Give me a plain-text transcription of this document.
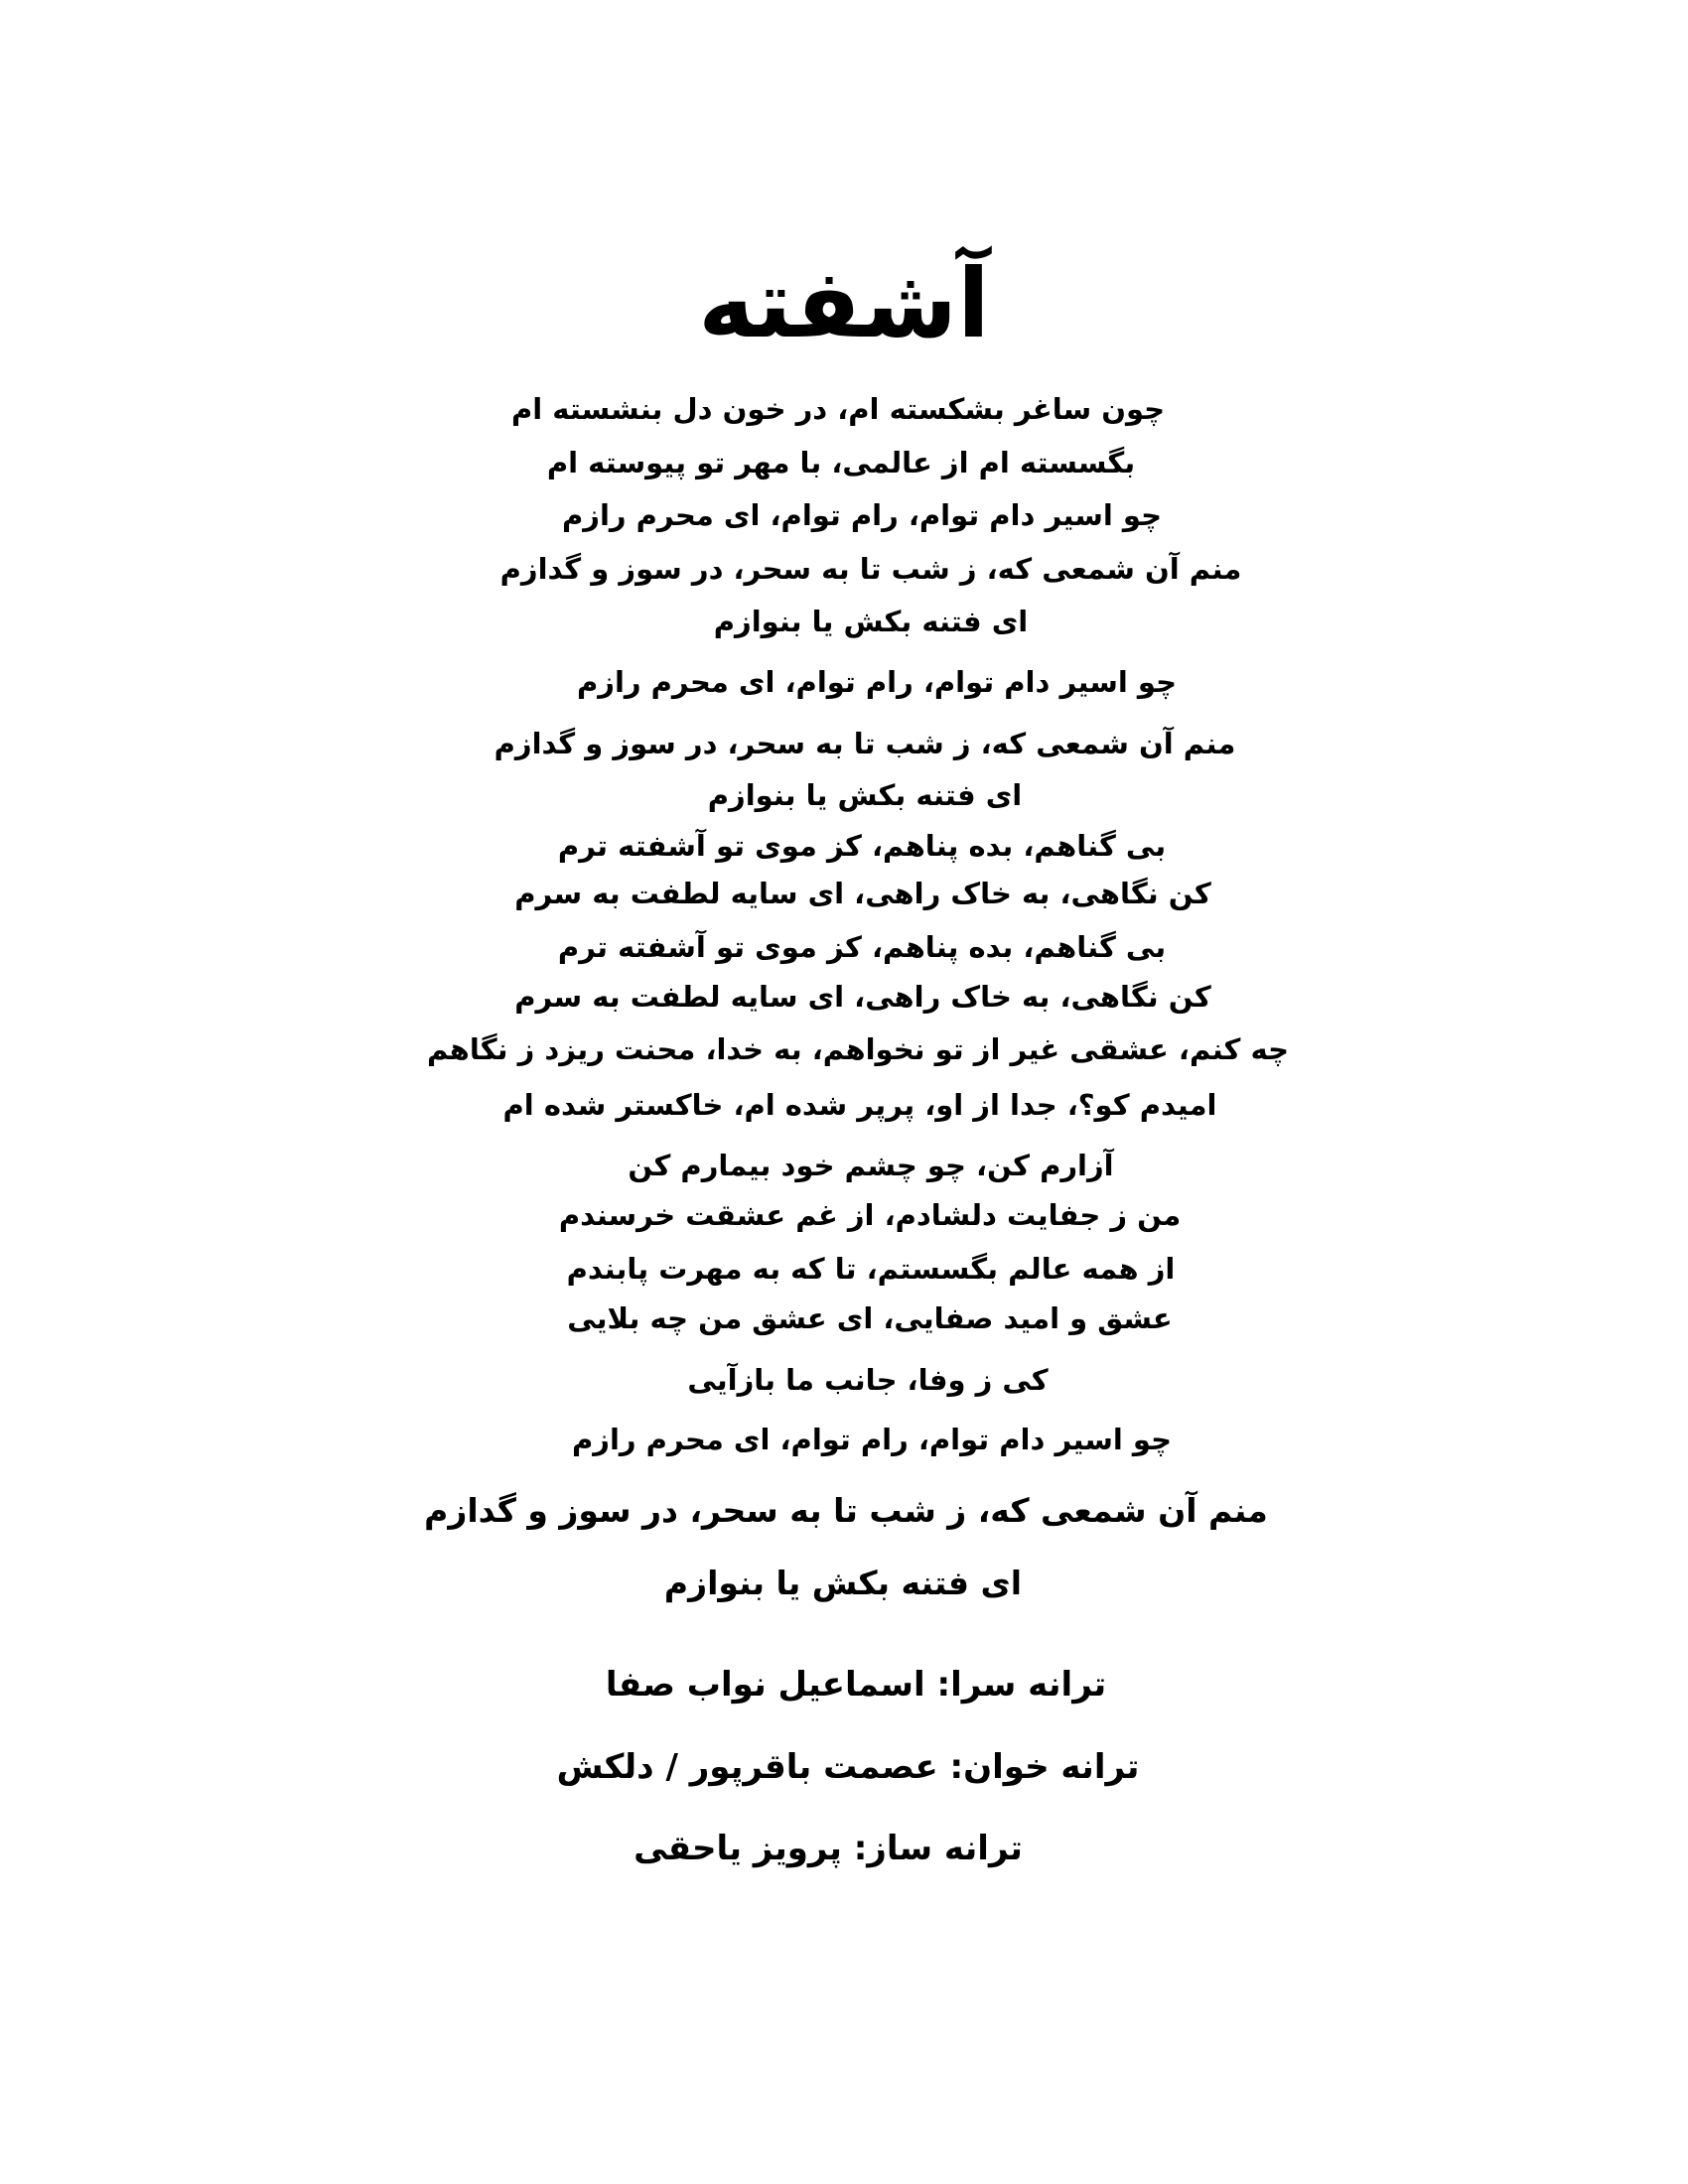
آشفته
چون ساغر بشکسته ام، در خون دل بنشسته ام
بگسسته ام از عالمی، با مهر تو پیوسته ام
چو اسیر دام توام، رام توام، ای محرم رازم
منم آن شمعی که، ز شب تا به سحر، در سوز و گدازم
ای فتنه بکش یا بنوازم
چو اسیر دام توام، رام توام، ای محرم رازم
منم آن شمعی که، ز شب تا به سحر، در سوز و گدازم
ای فتنه بکش یا بنوازم
بی گناهم، بده پناهم، کز موی تو آشفته ترم
کن نگاهی، به خاک راهی، ای سایه لطفت به سرم
بی گناهم، بده پناهم، کز موی تو آشفته ترم
کن نگاهی، به خاک راهی، ای سایه لطفت به سرم
چه کنم، عشقی غیر از تو نخواهم، به خدا، محنت ریزد ز نگاهم
امیدم کو؟، جدا از او، پرپر شده ام، خاکستر شده ام
آزارم کن، چو چشم خود بیمارم کن
من ز جفایت دلشادم، از غم عشقت خرسندم
از همه عالم بگسستم، تا که به مهرت پابندم
عشق و امید صفایی، ای عشق من چه بلایی
کی ز وفا، جانب ما بازآیی
چو اسیر دام توام، رام توام، ای محرم رازم
منم آن شمعی که، ز شب تا به سحر، در سوز و گدازم
ای فتنه بکش یا بنوازم
ترانه سرا: اسماعیل نواب صفا
ترانه خوان: عصمت باقرپور / دلکش
ترانه ساز: پرویز یاحقی
